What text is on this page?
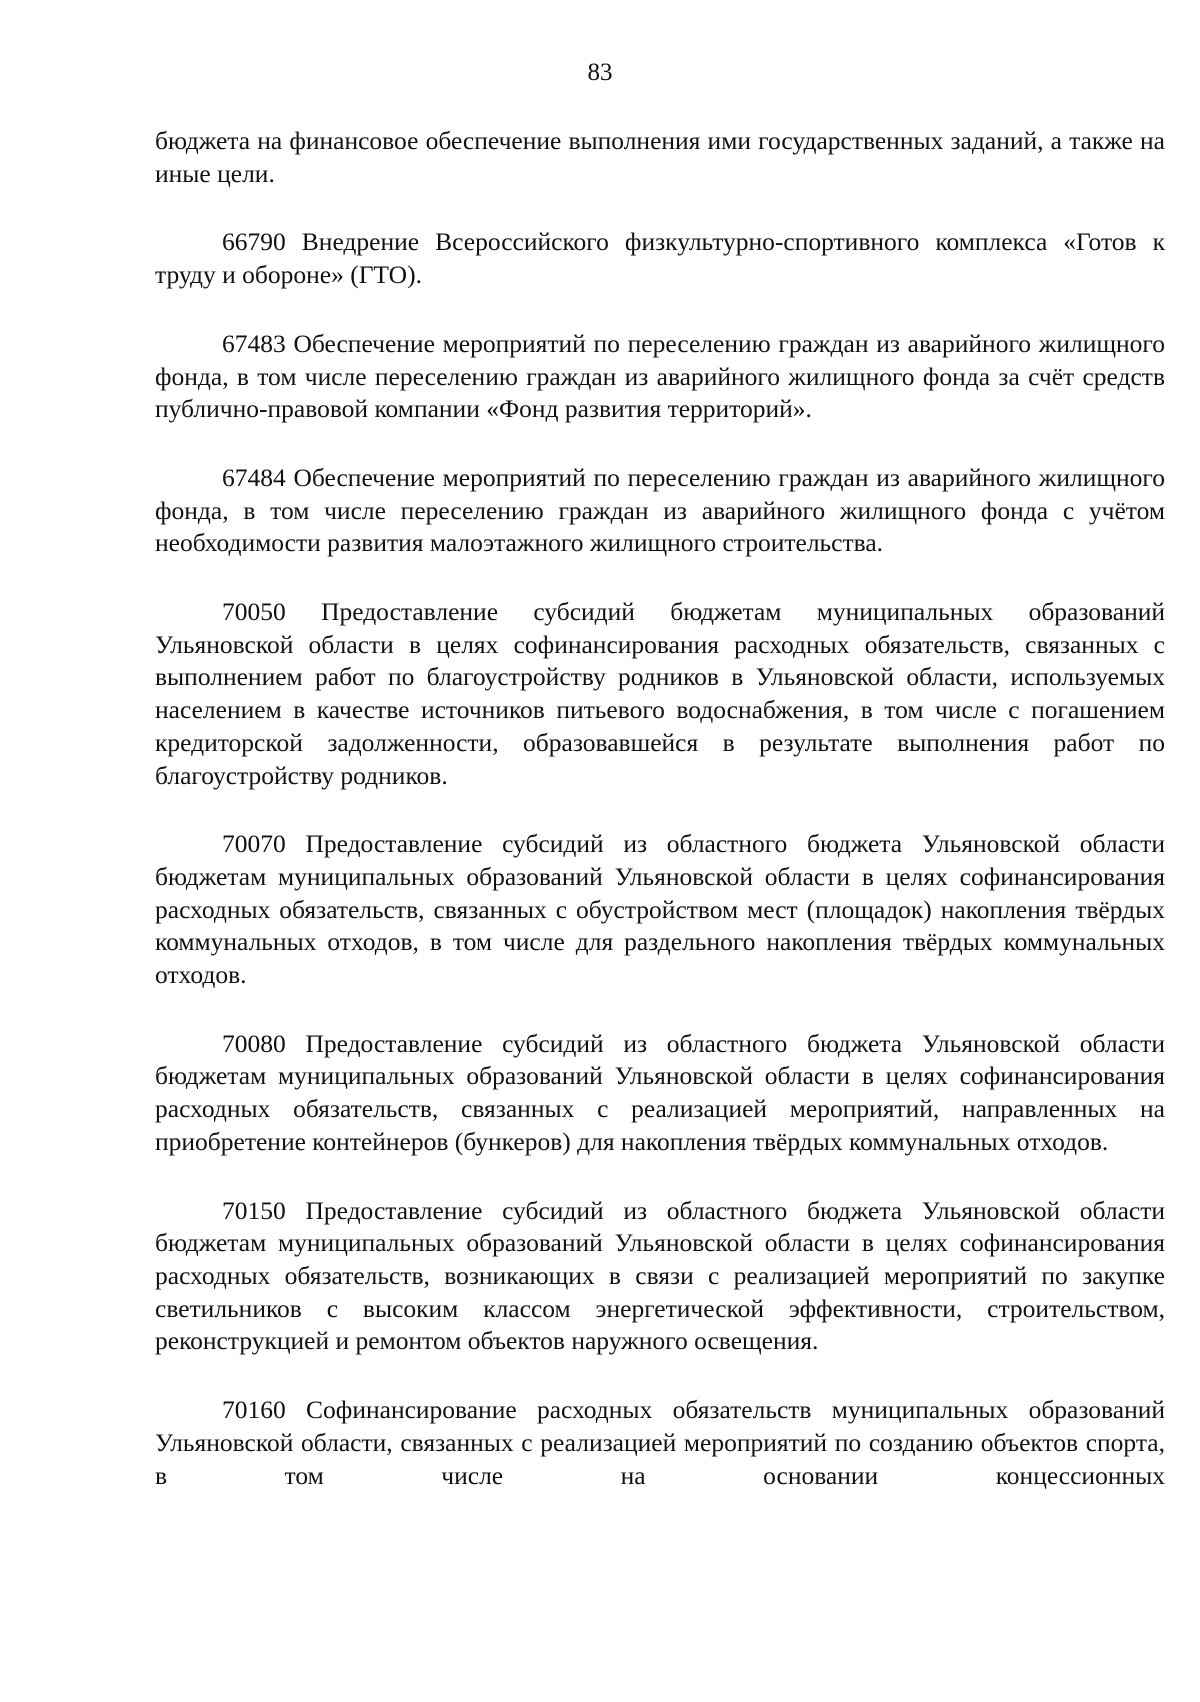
83

бюджета на финансовое обеспечение выполнения ими государственных заданий, а также на иные цели.

66790 Внедрение Всероссийского физкультурно-спортивного комплекса «Готов к труду и обороне» (ГТО).

67483 Обеспечение мероприятий по переселению граждан из аварийного жилищного фонда, в том числе переселению граждан из аварийного жилищного фонда за счёт средств публично-правовой компании «Фонд развития территорий».

67484 Обеспечение мероприятий по переселению граждан из аварийного жилищного фонда, в том числе переселению граждан из аварийного жилищного фонда с учётом необходимости развития малоэтажного жилищного строительства.

70050 Предоставление субсидий бюджетам муниципальных образований Ульяновской области в целях софинансирования расходных обязательств, связанных с выполнением работ по благоустройству родников в Ульяновской области, используемых населением в качестве источников питьевого водоснабжения, в том числе с погашением кредиторской задолженности, образовавшейся в результате выполнения работ по благоустройству родников.

70070 Предоставление субсидий из областного бюджета Ульяновской области бюджетам муниципальных образований Ульяновской области в целях софинансирования расходных обязательств, связанных с обустройством мест (площадок) накопления твёрдых коммунальных отходов, в том числе для раздельного накопления твёрдых коммунальных отходов.

70080 Предоставление субсидий из областного бюджета Ульяновской области бюджетам муниципальных образований Ульяновской области в целях софинансирования расходных обязательств, связанных с реализацией мероприятий, направленных на приобретение контейнеров (бункеров) для накопления твёрдых коммунальных отходов.

70150 Предоставление субсидий из областного бюджета Ульяновской области бюджетам муниципальных образований Ульяновской области в целях софинансирования расходных обязательств, возникающих в связи с реализацией мероприятий по закупке светильников с высоким классом энергетической эффективности, строительством, реконструкцией и ремонтом объектов наружного освещения.

70160 Софинансирование расходных обязательств муниципальных образований Ульяновской области, связанных с реализацией мероприятий по созданию объектов спорта, в том числе на основании концессионных
